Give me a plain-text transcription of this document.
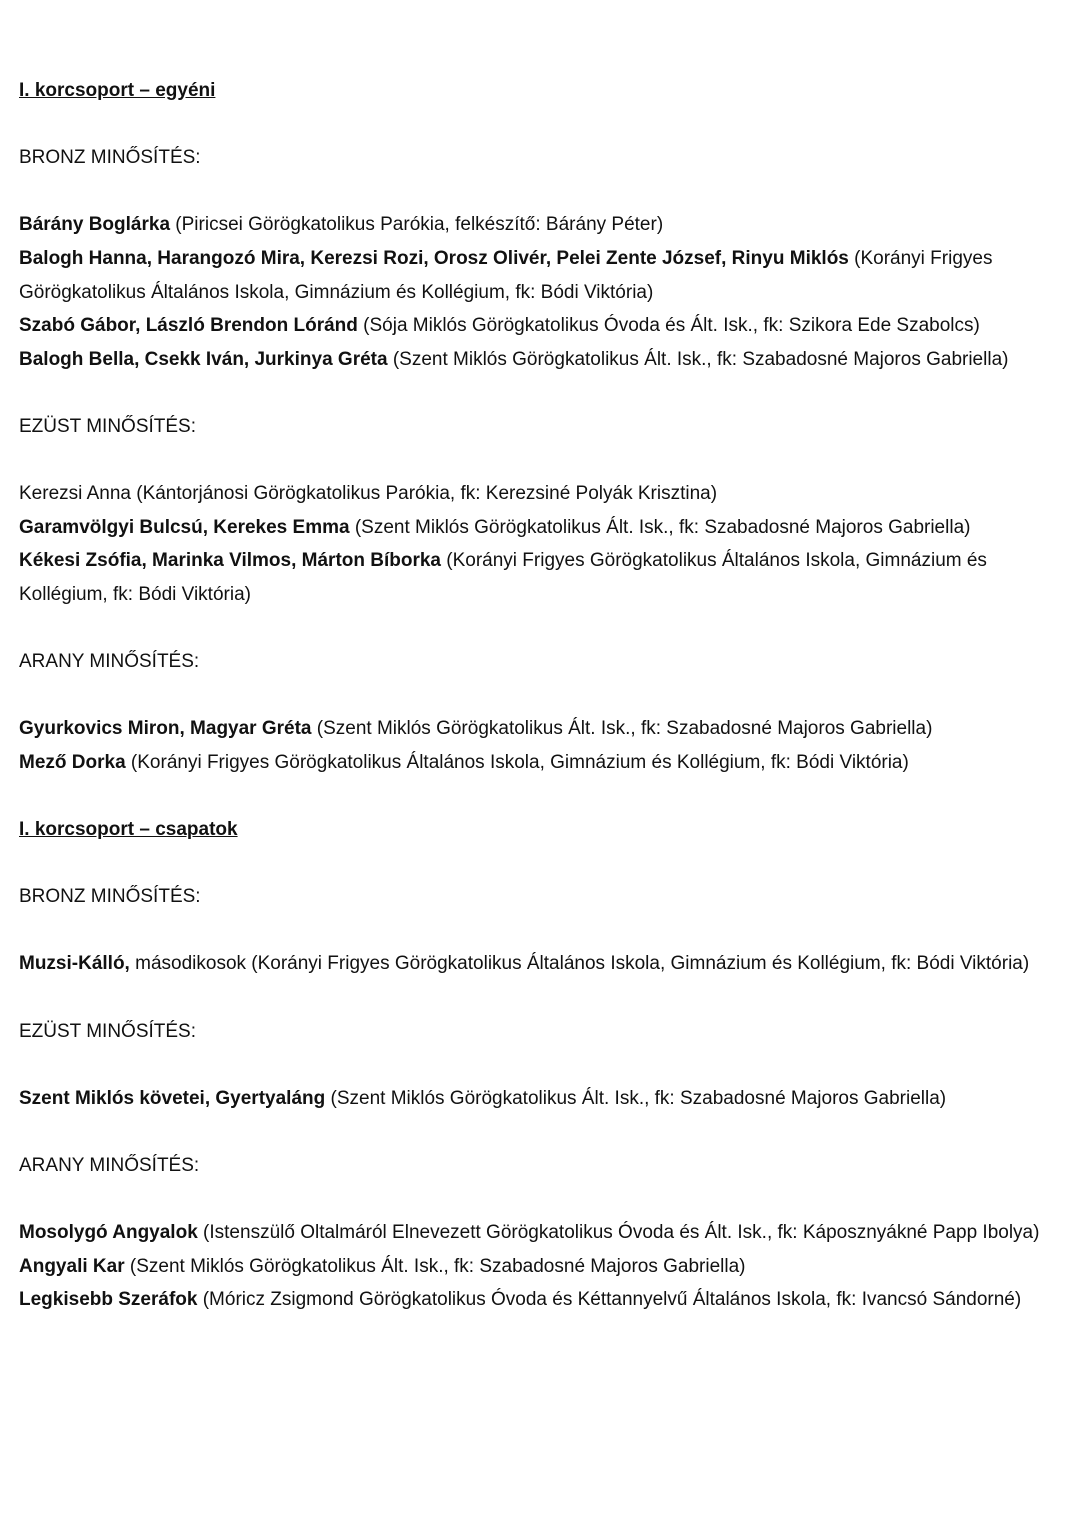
I. korcsoport – egyéni

BRONZ MINŐSÍTÉS:

Bárány Boglárka (Piricsei Görögkatolikus Parókia, felkészítő: Bárány Péter)

Balogh Hanna, Harangozó Mira, Kerezsi Rozi, Orosz Olivér, Pelei Zente József, Rinyu Miklós (Korányi Frigyes Görögkatolikus Általános Iskola, Gimnázium és Kollégium, fk: Bódi Viktória)

Szabó Gábor, László Brendon Lóránd (Sója Miklós Görögkatolikus Óvoda és Ált. Isk., fk: Szikora Ede Szabolcs)

Balogh Bella, Csekk Iván, Jurkinya Gréta (Szent Miklós Görögkatolikus Ált. Isk., fk: Szabadosné Majoros Gabriella)

EZÜST MINŐSÍTÉS:

Kerezsi Anna (Kántorjánosi Görögkatolikus Parókia, fk: Kerezsiné Polyák Krisztina)

Garamvölgyi Bulcsú, Kerekes Emma (Szent Miklós Görögkatolikus Ált. Isk., fk: Szabadosné Majoros Gabriella)

Kékesi Zsófia, Marinka Vilmos, Márton Bíborka (Korányi Frigyes Görögkatolikus Általános Iskola, Gimnázium és Kollégium, fk: Bódi Viktória)

ARANY MINŐSÍTÉS:

Gyurkovics Miron, Magyar Gréta (Szent Miklós Görögkatolikus Ált. Isk., fk: Szabadosné Majoros Gabriella)

Mező Dorka (Korányi Frigyes Görögkatolikus Általános Iskola, Gimnázium és Kollégium, fk: Bódi Viktória)

I. korcsoport – csapatok

BRONZ MINŐSÍTÉS:

Muzsi-Kálló, másodikosok (Korányi Frigyes Görögkatolikus Általános Iskola, Gimnázium és Kollégium, fk: Bódi Viktória)

EZÜST MINŐSÍTÉS:

Szent Miklós követei, Gyertyaláng (Szent Miklós Görögkatolikus Ált. Isk., fk: Szabadosné Majoros Gabriella)

ARANY MINŐSÍTÉS:

Mosolygó Angyalok (Istenszülő Oltalmáról Elnevezett Görögkatolikus Óvoda és Ált. Isk., fk: Káposznyákné Papp Ibolya)

Angyali Kar (Szent Miklós Görögkatolikus Ált. Isk., fk: Szabadosné Majoros Gabriella)

Legkisebb Szeráfok (Móricz Zsigmond Görögkatolikus Óvoda és Kéttannyelvű Általános Iskola, fk: Ivancsó Sándorné)
